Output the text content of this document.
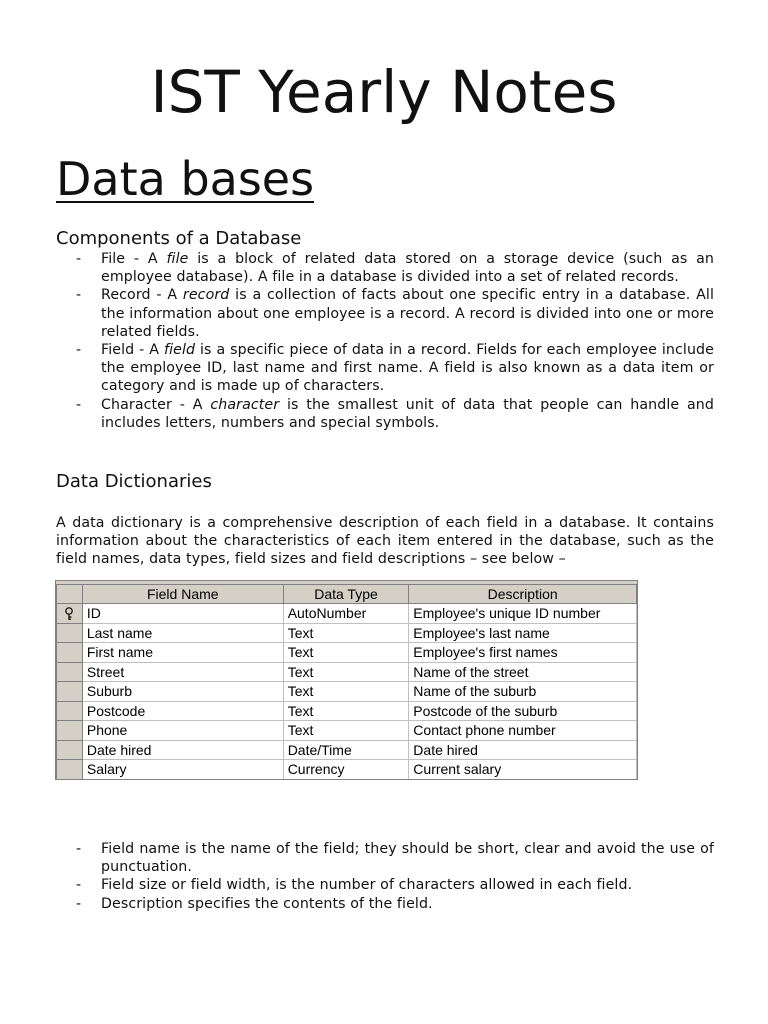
IST Yearly Notes
Data bases
Components of a Database
- File - A file is a block of related data stored on a storage device (such as an employee database). A file in a database is divided into a set of related records.
- Record - A record is a collection of facts about one specific entry in a database. All the information about one employee is a record. A record is divided into one or more related fields.
- Field - A field is a specific piece of data in a record. Fields for each employee include the employee ID, last name and first name. A field is also known as a data item or category and is made up of characters.
- Character - A character is the smallest unit of data that people can handle and includes letters, numbers and special symbols.
Data Dictionaries

A data dictionary is a comprehensive description of each field in a database. It contains information about the characteristics of each item entered in the database, such as the field names, data types, field sizes and field descriptions – see below –

	Field Name	Data Type	Description
	ID	AutoNumber	Employee's unique ID number
	Last name	Text	Employee's last name
	First name	Text	Employee's first names
	Street	Text	Name of the street
	Suburb	Text	Name of the suburb
	Postcode	Text	Postcode of the suburb
	Phone	Text	Contact phone number
	Date hired	Date/Time	Date hired
	Salary	Currency	Current salary
- Field name is the name of the field; they should be short, clear and avoid the use of punctuation.
- Field size or field width, is the number of characters allowed in each field.
- Description specifies the contents of the field.
